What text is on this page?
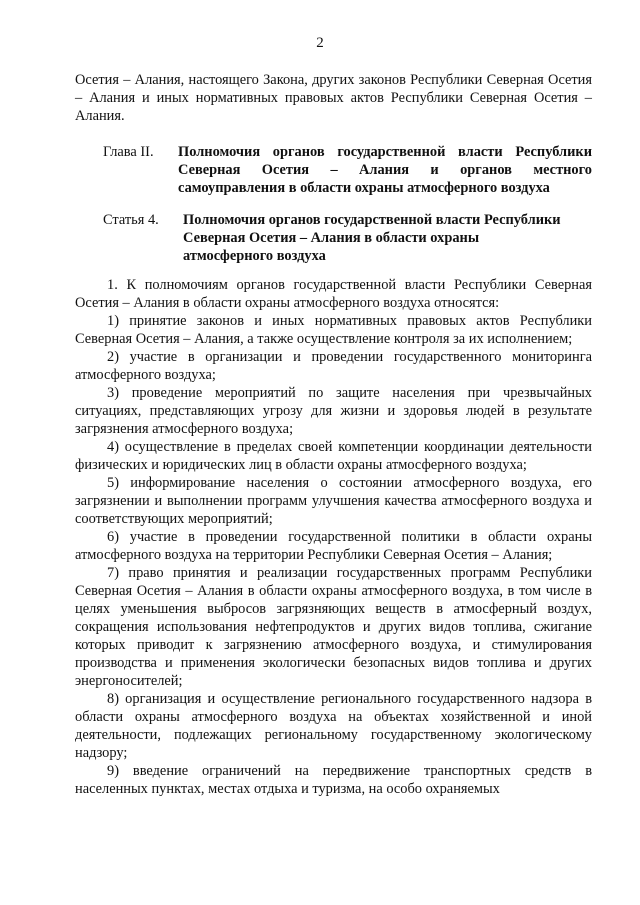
2

Осетия – Алания, настоящего Закона, других законов Республики Северная Осетия – Алания и иных нормативных правовых актов Республики Северная Осетия – Алания.

Глава II.	Полномочия органов государственной власти Республики Северная Осетия – Алания и органов местного самоуправления в области охраны атмосферного воздуха
Статья 4.	Полномочия органов государственной власти Республики
Северная Осетия – Алания в области охраны
атмосферного воздуха

1. К полномочиям органов государственной власти Республики Северная Осетия – Алания в области охраны атмосферного воздуха относятся:

1) принятие законов и иных нормативных правовых актов Республики Северная Осетия – Алания, а также осуществление контроля за их исполнением;

2) участие в организации и проведении государственного мониторинга атмосферного воздуха;

3) проведение мероприятий по защите населения при чрезвычайных ситуациях, представляющих угрозу для жизни и здоровья людей в результате загрязнения атмосферного воздуха;

4) осуществление в пределах своей компетенции координации деятельности физических и юридических лиц в области охраны атмосферного воздуха;

5) информирование населения о состоянии атмосферного воздуха, его загрязнении и выполнении программ улучшения качества атмосферного воздуха и соответствующих мероприятий;

6) участие в проведении государственной политики в области охраны атмосферного воздуха на территории Республики Северная Осетия – Алания;

7) право принятия и реализации государственных программ Республики Северная Осетия – Алания в области охраны атмосферного воздуха, в том числе в целях уменьшения выбросов загрязняющих веществ в атмосферный воздух, сокращения использования нефтепродуктов и других видов топлива, сжигание которых приводит к загрязнению атмосферного воздуха, и стимулирования производства и применения экологически безопасных видов топлива и других энергоносителей;

8) организация и осуществление регионального государственного надзора в области охраны атмосферного воздуха на объектах хозяйственной и иной деятельности, подлежащих региональному государственному экологическому надзору;

9) введение ограничений на передвижение транспортных средств в населенных пунктах, местах отдыха и туризма, на особо охраняемых
